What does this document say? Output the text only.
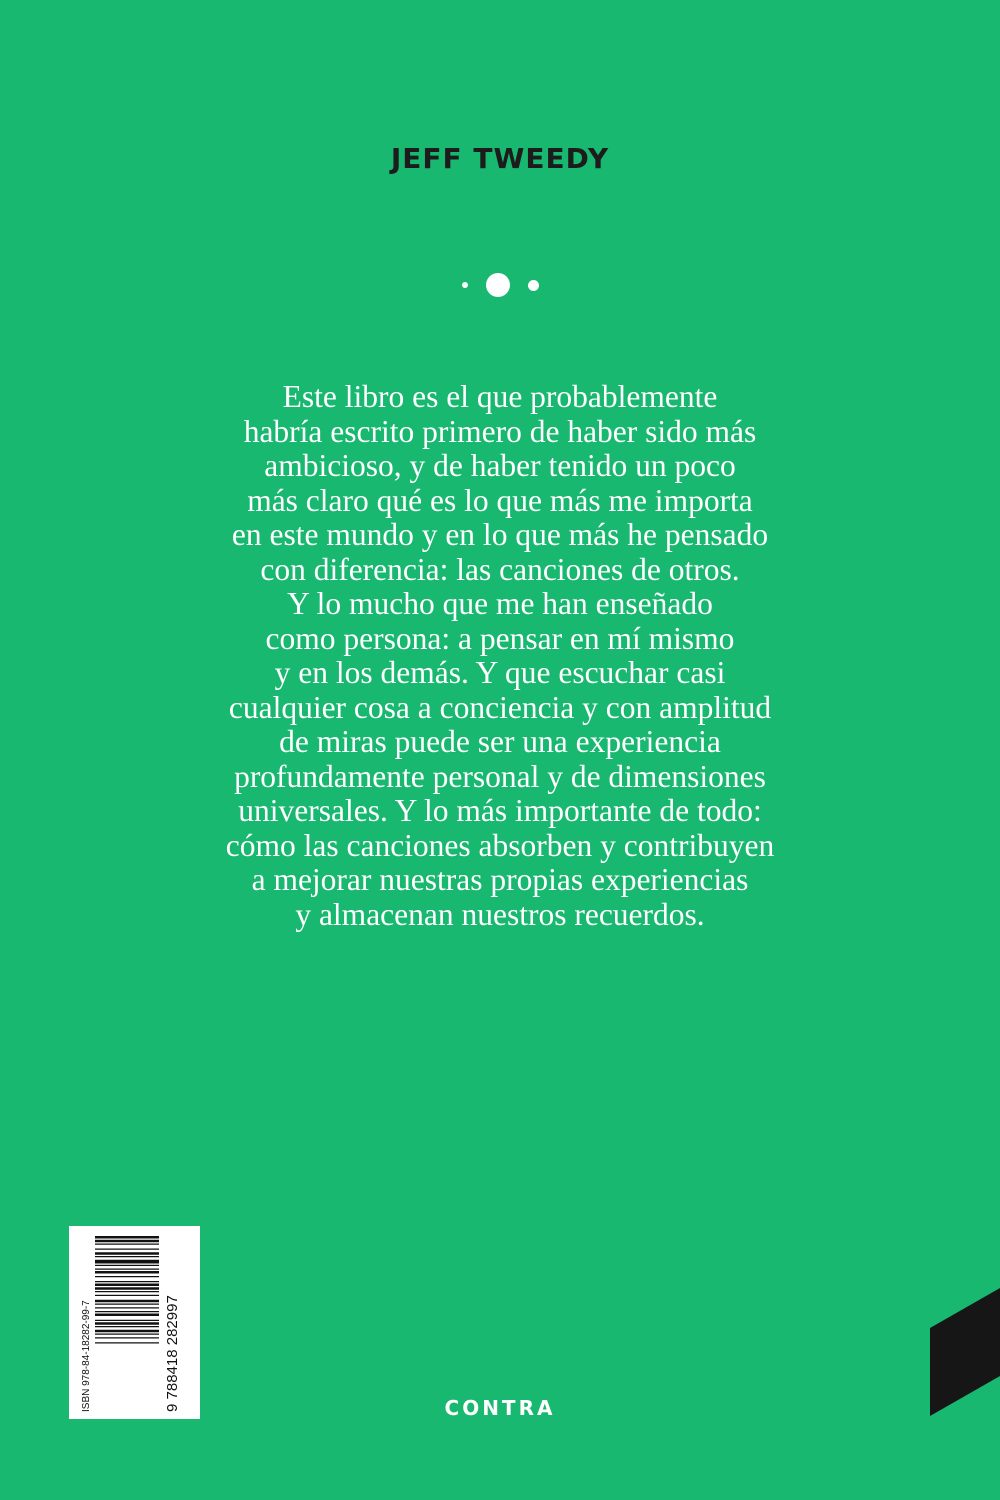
JEFF TWEEDY
Este libro es el que probablemente
habría escrito primero de haber sido más
ambicioso, y de haber tenido un poco
más claro qué es lo que más me importa
en este mundo y en lo que más he pensado
con diferencia: las canciones de otros.
Y lo mucho que me han enseñado
como persona: a pensar en mí mismo
y en los demás. Y que escuchar casi
cualquier cosa a conciencia y con amplitud
de miras puede ser una experiencia
profundamente personal y de dimensiones
universales. Y lo más importante de todo:
cómo las canciones absorben y contribuyen
a mejorar nuestras propias experiencias
y almacenan nuestros recuerdos.
ISBN 978-84-18282-99-7	9 788418 282997	CONTRA
